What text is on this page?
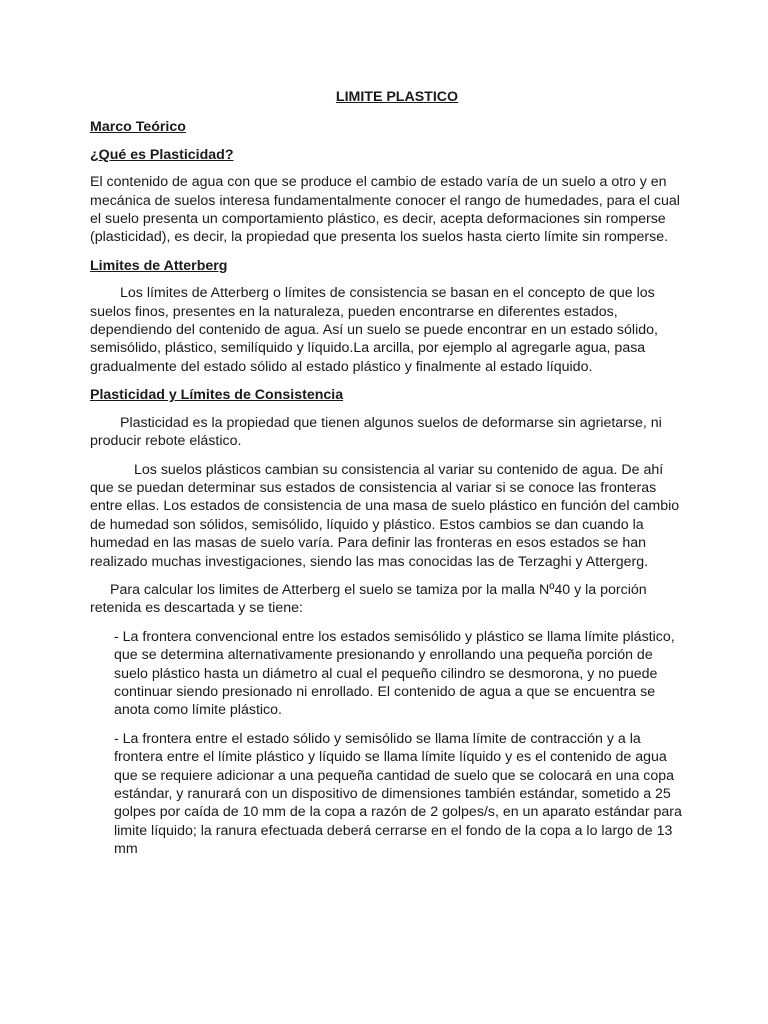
LIMITE PLASTICO
Marco Teórico
¿Qué es Plasticidad?

El contenido de agua con que se produce el cambio de estado varía de un suelo a otro y en mecánica de suelos interesa fundamentalmente conocer el rango de humedades, para el cual el suelo presenta un comportamiento plástico, es decir, acepta deformaciones sin romperse (plasticidad), es decir, la propiedad que presenta los suelos hasta cierto límite sin romperse.

Limites de Atterberg

Los límites de Atterberg o límites de consistencia se basan en el concepto de que los suelos finos, presentes en la naturaleza, pueden encontrarse en diferentes estados, dependiendo del contenido de agua. Así un suelo se puede encontrar en un estado sólido, semisólido, plástico, semilíquido y líquido.La arcilla, por ejemplo al agregarle agua, pasa gradualmente del estado sólido al estado plástico y finalmente al estado líquido.

Plasticidad y Límites de Consistencia

Plasticidad es la propiedad que tienen algunos suelos de deformarse sin agrietarse, ni producir rebote elástico.

Los suelos plásticos cambian su consistencia al variar su contenido de agua. De ahí que se puedan determinar sus estados de consistencia al variar si se conoce las fronteras entre ellas. Los estados de consistencia de una masa de suelo plástico en función del cambio de humedad son sólidos, semisólido, líquido y plástico. Estos cambios se dan cuando la humedad en las masas de suelo varía. Para definir las fronteras en esos estados se han realizado muchas investigaciones, siendo las mas conocidas las de Terzaghi y Attergerg.

Para calcular los limites de Atterberg el suelo se tamiza por la malla Nº40 y la porción retenida es descartada y se tiene:

- La frontera convencional entre los estados semisólido y plástico se llama límite plástico, que se determina alternativamente presionando y enrollando una pequeña porción de suelo plástico hasta un diámetro al cual el pequeño cilindro se desmorona, y no puede continuar siendo presionado ni enrollado. El contenido de agua a que se encuentra se anota como límite plástico.
- La frontera entre el estado sólido y semisólido se llama límite de contracción y a la frontera entre el límite plástico y líquido se llama límite líquido y es el contenido de agua que se requiere adicionar a una pequeña cantidad de suelo que se colocará en una copa estándar, y ranurará con un dispositivo de dimensiones también estándar, sometido a 25 golpes por caída de 10 mm de la copa a razón de 2 golpes/s, en un aparato estándar para limite líquido; la ranura efectuada deberá cerrarse en el fondo de la copa a lo largo de 13 mm
